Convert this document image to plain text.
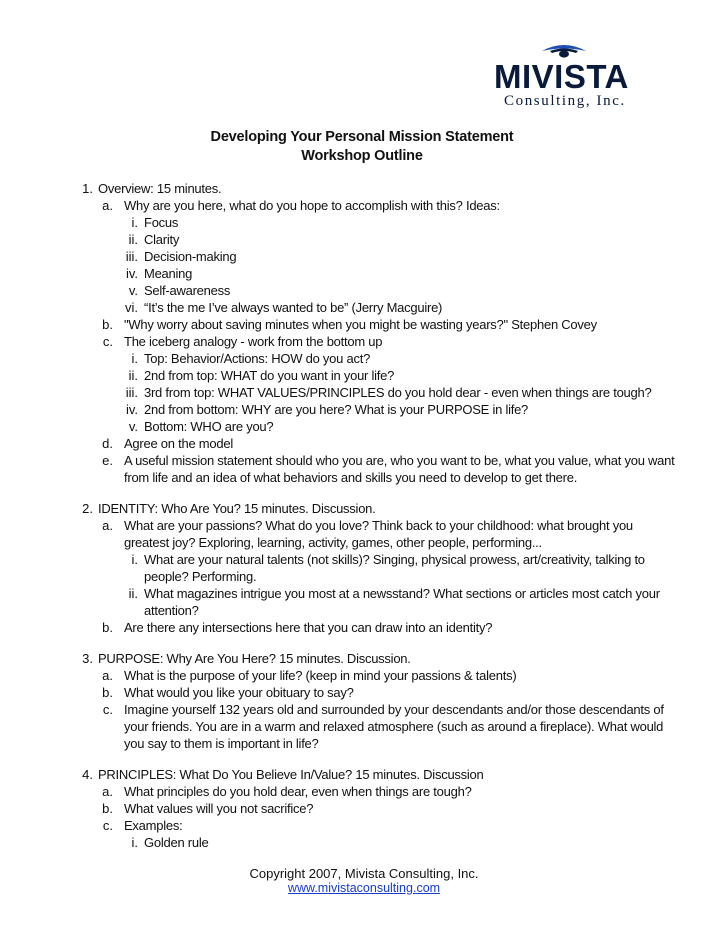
MIVISTA
Consulting, Inc.
Developing Your Personal Mission Statement
Workshop Outline
1. Overview: 15 minutes.
a. Why are you here, what do you hope to accomplish with this? Ideas:
i. Focus
ii. Clarity
iii. Decision-making
iv. Meaning
v. Self-awareness
vi. “It’s the me I’ve always wanted to be” (Jerry Macguire)
b. "Why worry about saving minutes when you might be wasting years?" Stephen Covey
c. The iceberg analogy - work from the bottom up
i. Top: Behavior/Actions: HOW do you act?
ii. 2nd from top: WHAT do you want in your life?
iii. 3rd from top: WHAT VALUES/PRINCIPLES do you hold dear - even when things are tough?
iv. 2nd from bottom: WHY are you here? What is your PURPOSE in life?
v. Bottom: WHO are you?
d. Agree on the model
e. A useful mission statement should who you are, who you want to be, what you value, what you want
from life and an idea of what behaviors and skills you need to develop to get there.
2. IDENTITY: Who Are You? 15 minutes. Discussion.
a. What are your passions? What do you love? Think back to your childhood: what brought you
greatest joy? Exploring, learning, activity, games, other people, performing...
i. What are your natural talents (not skills)? Singing, physical prowess, art/creativity, talking to
people? Performing.
ii. What magazines intrigue you most at a newsstand? What sections or articles most catch your
attention?
b. Are there any intersections here that you can draw into an identity?
3. PURPOSE: Why Are You Here? 15 minutes. Discussion.
a. What is the purpose of your life? (keep in mind your passions & talents)
b. What would you like your obituary to say?
c. Imagine yourself 132 years old and surrounded by your descendants and/or those descendants of
your friends. You are in a warm and relaxed atmosphere (such as around a fireplace). What would
you say to them is important in life?
4. PRINCIPLES: What Do You Believe In/Value? 15 minutes. Discussion
a. What principles do you hold dear, even when things are tough?
b. What values will you not sacrifice?
c. Examples:
i. Golden rule
Copyright 2007, Mivista Consulting, Inc.
www.mivistaconsulting.com
